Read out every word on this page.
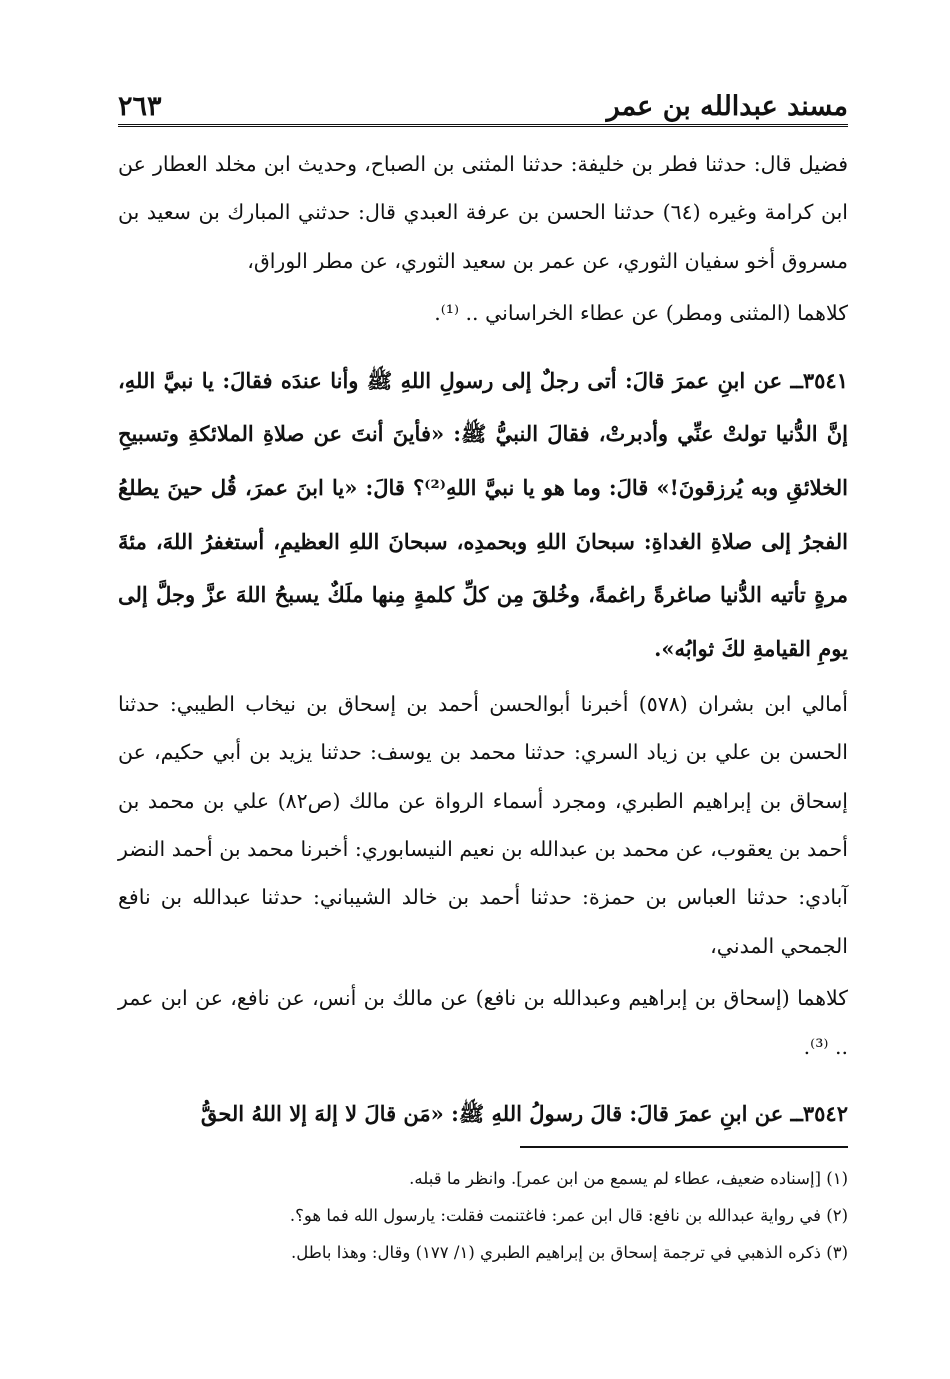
مسند عبدالله بن عمر
٢٦٣

فضيل قال: حدثنا فطر بن خليفة: حدثنا المثنى بن الصباح، وحديث ابن مخلد العطار عن ابن كرامة وغيره (٦٤) حدثنا الحسن بن عرفة العبدي قال: حدثني المبارك بن سعيد بن مسروق أخو سفيان الثوري، عن عمر بن سعيد الثوري، عن مطر الوراق،

كلاهما (المثنى ومطر) عن عطاء الخراساني .. ⁽¹⁾.

٣٥٤١ــ عن ابنِ عمرَ قالَ: أتى رجلٌ إلى رسولِ اللهِ ﷺ وأنا عندَه فقالَ: يا نبيَّ اللهِ، إنَّ الدُّنيا تولتْ عنِّي وأدبرتْ، فقالَ النبيُّ ﷺ: «فأينَ أنتَ عن صلاةِ الملائكةِ وتسبيحِ الخلائقِ وبه يُرزقونَ!» قالَ: وما هو يا نبيَّ اللهِ⁽²⁾؟ قالَ: «يا ابنَ عمرَ، قُل حينَ يطلعُ الفجرُ إلى صلاةِ الغداةِ: سبحانَ اللهِ وبحمدِه، سبحانَ اللهِ العظيمِ، أستغفرُ اللهَ، مئةَ مرةٍ تأتيه الدُّنيا صاغرةً راغمةً، وخُلقَ مِن كلِّ كلمةٍ مِنها ملَكٌ يسبحُ اللهَ عزَّ وجلَّ إلى يومِ القيامةِ لكَ ثوابُه».

أمالي ابن بشران (٥٧٨) أخبرنا أبوالحسن أحمد بن إسحاق بن نيخاب الطيبي: حدثنا الحسن بن علي بن زياد السري: حدثنا محمد بن يوسف: حدثنا يزيد بن أبي حكيم، عن إسحاق بن إبراهيم الطبري، ومجرد أسماء الرواة عن مالك (ص٨٢) علي بن محمد بن أحمد بن يعقوب، عن محمد بن عبدالله بن نعيم النيسابوري: أخبرنا محمد بن أحمد النضر آبادي: حدثنا العباس بن حمزة: حدثنا أحمد بن خالد الشيباني: حدثنا عبدالله بن نافع الجمحي المدني،

كلاهما (إسحاق بن إبراهيم وعبدالله بن نافع) عن مالك بن أنس، عن نافع، عن ابن عمر .. ⁽³⁾.

٣٥٤٢ــ عن ابنِ عمرَ قالَ: قالَ رسولُ اللهِ ﷺ: «مَن قالَ لا إلهَ إلا اللهُ الحقُّ

(١) [إسناده ضعيف، عطاء لم يسمع من ابن عمر]. وانظر ما قبله.

(٢) في رواية عبدالله بن نافع: قال ابن عمر: فاغتنمت فقلت: يارسول الله فما هو؟.

(٣) ذكره الذهبي في ترجمة إسحاق بن إبراهيم الطبري (١/ ١٧٧) وقال: وهذا باطل.
